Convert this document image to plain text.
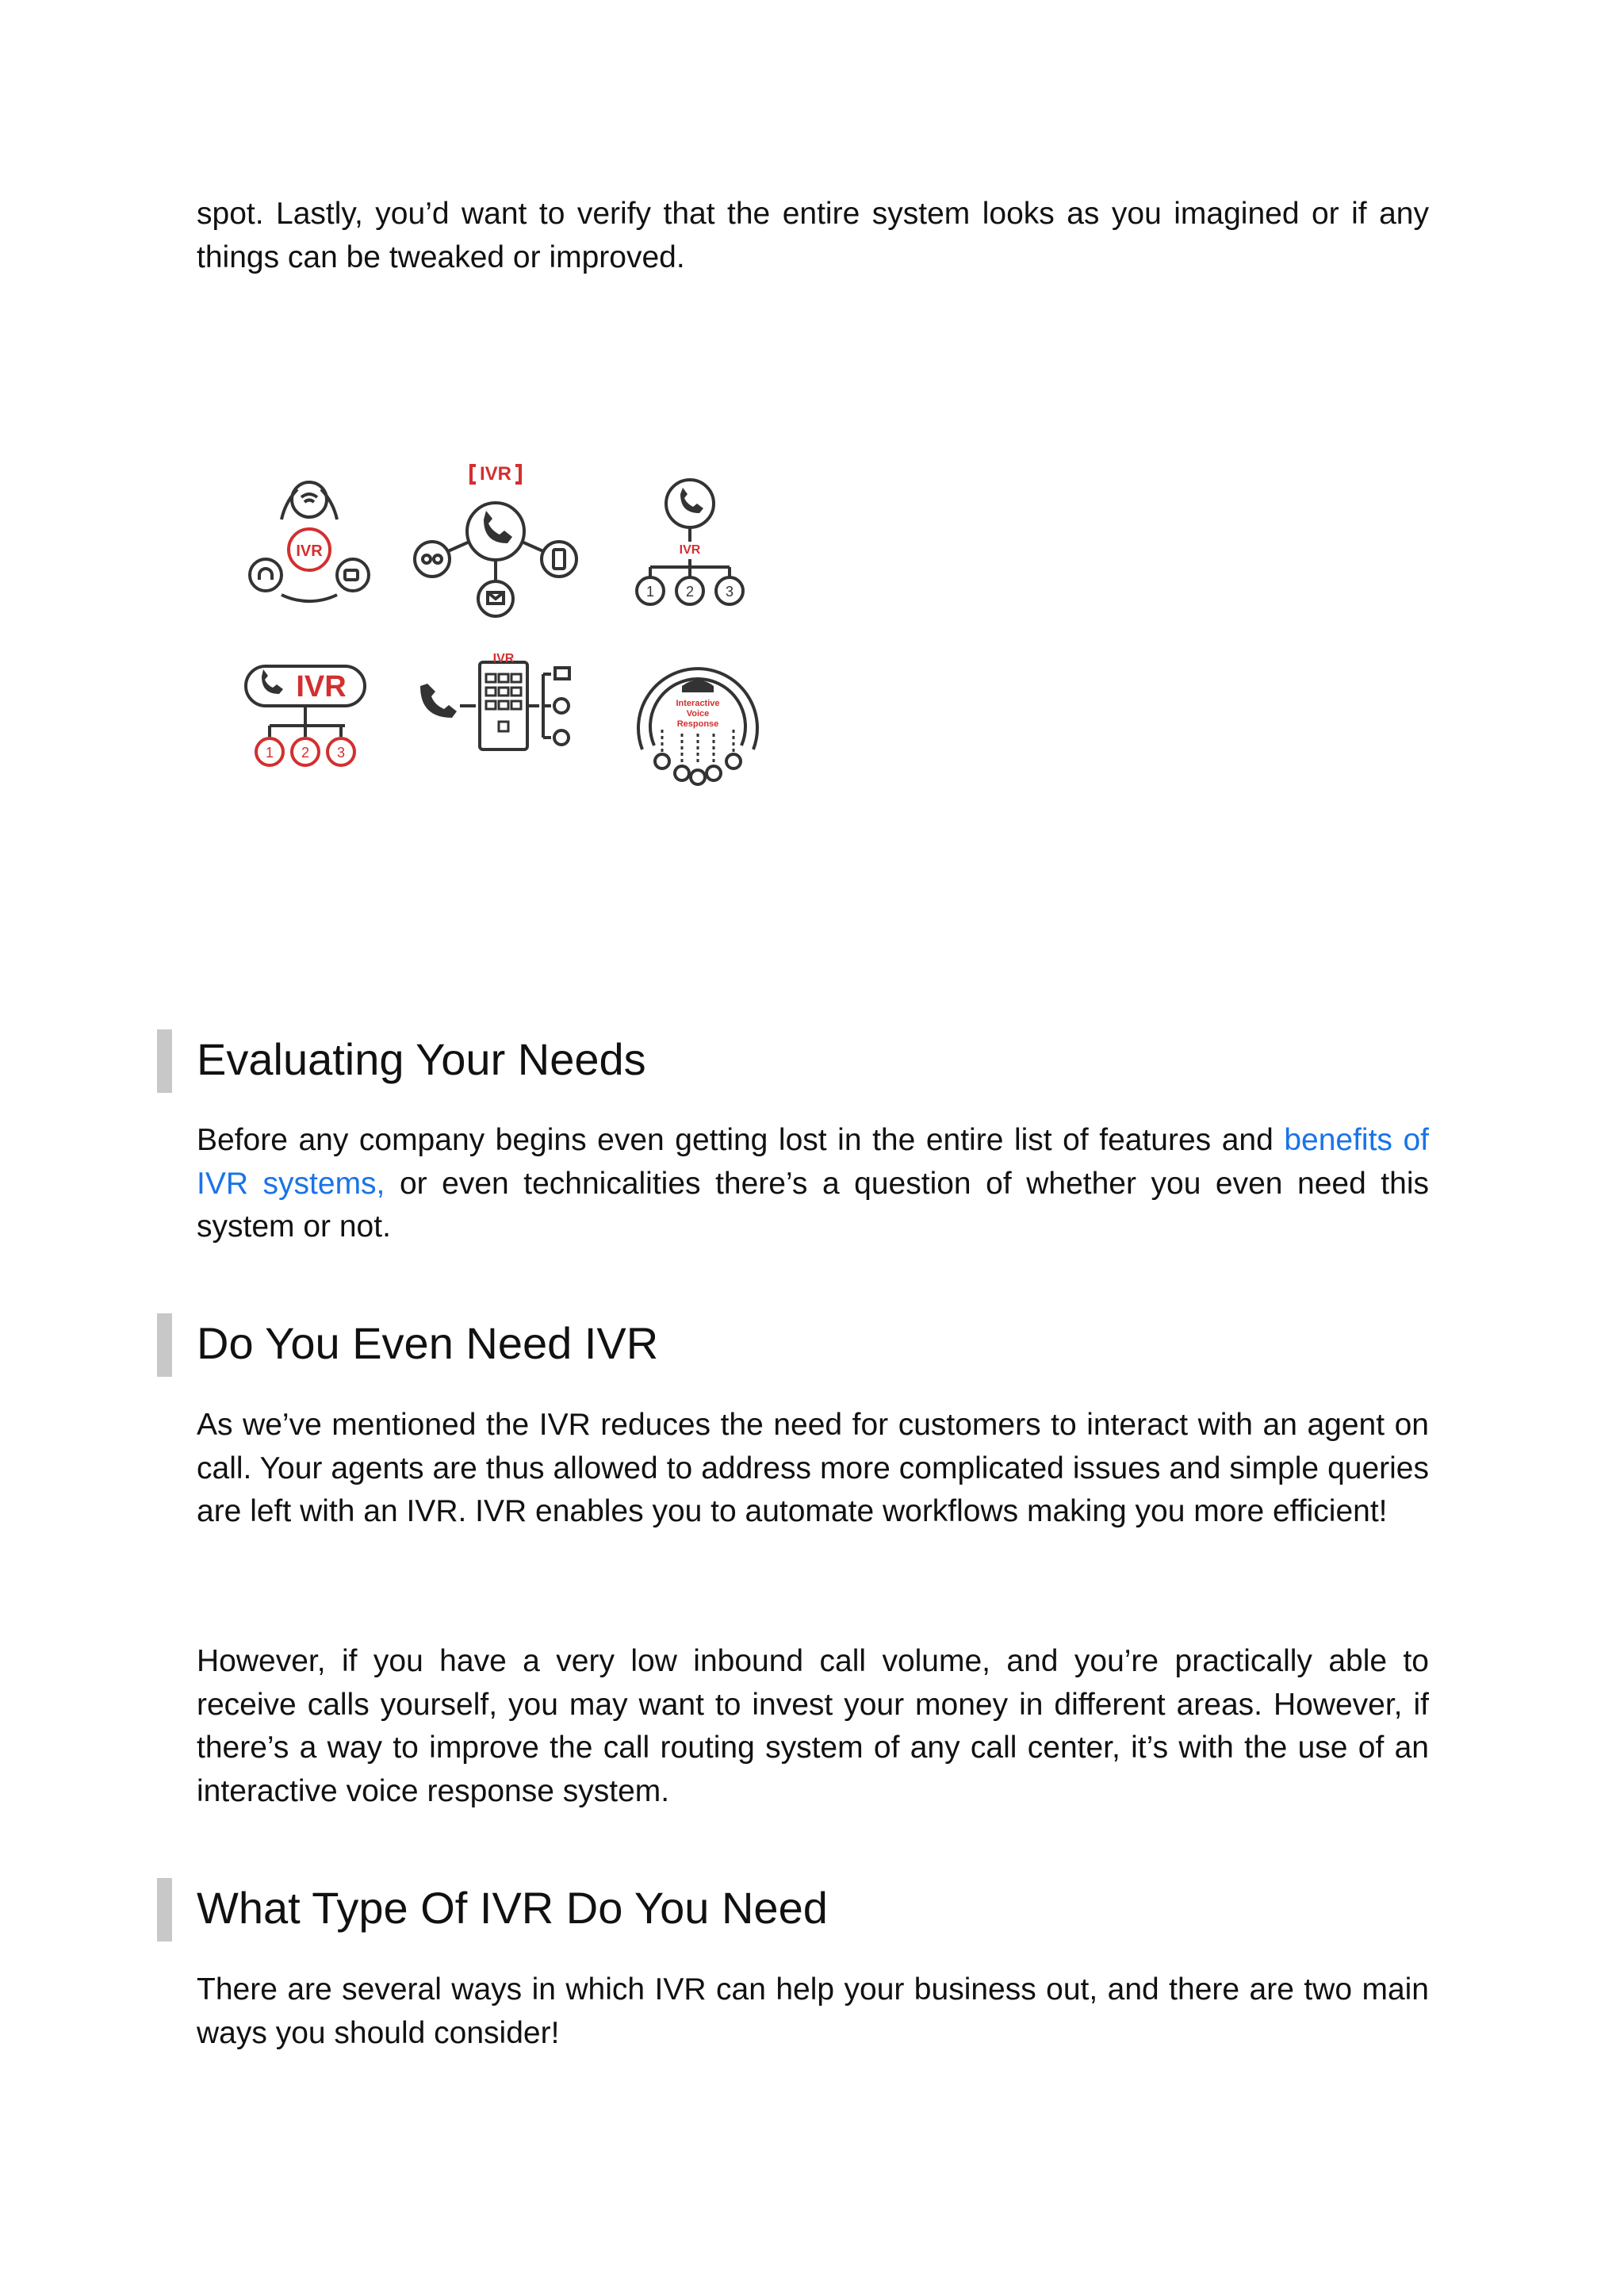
spot. Lastly, you’d want to verify that the entire system looks as you imagined or if any things can be tweaked or improved.

IVR
IVR
IVR
1 2 3
IVR
1 2 3
IVR
Interactive
Voice
Response
Evaluating Your Needs

Before any company begins even getting lost in the entire list of features and benefits of IVR systems, or even technicalities there’s a question of whether you even need this system or not.

Do You Even Need IVR

As we’ve mentioned the IVR reduces the need for customers to interact with an agent on call. Your agents are thus allowed to address more complicated issues and simple queries are left with an IVR. IVR enables you to automate workflows making you more efficient!

However, if you have a very low inbound call volume, and you’re practically able to receive calls yourself, you may want to invest your money in different areas. However, if there’s a way to improve the call routing system of any call center, it’s with the use of an interactive voice response system.

What Type Of IVR Do You Need

There are several ways in which IVR can help your business out, and there are two main ways you should consider!
